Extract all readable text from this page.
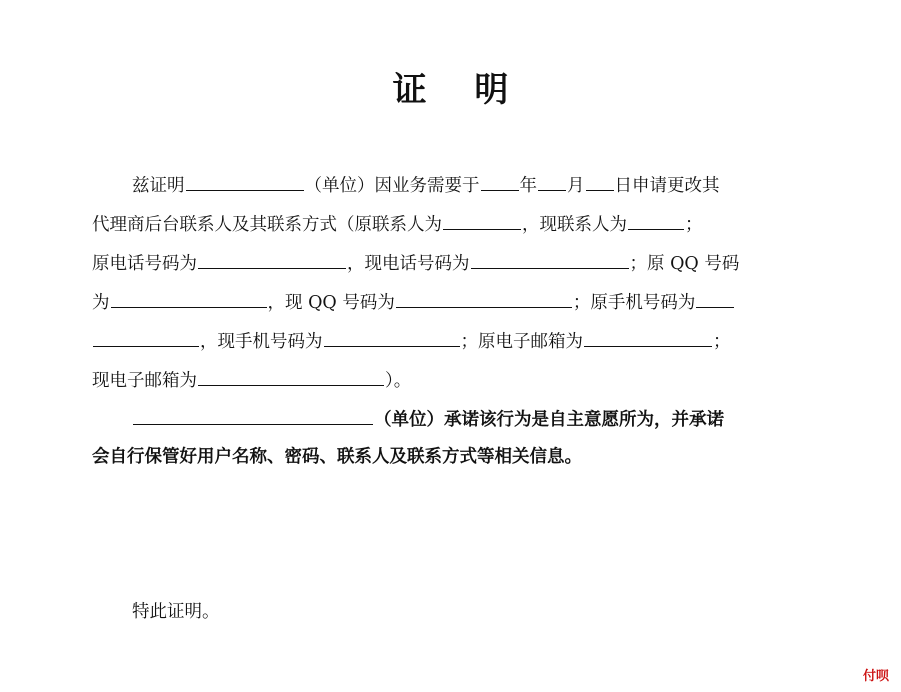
证 明
兹证明	（单位）因业务需要于 年 月 日申请更改其
代理商后台联系人及其联系方式（原联系人为	，现联系人为	；
原电话号码为	，现电话号码为	；原 QQ 号码
为	，现 QQ 号码为	；原手机号码为
，现手机号码为	；原电子邮箱为	；
现电子邮箱为	）。
（单位）承诺该行为是自主意愿所为，并承诺
会自行保管好用户名称、密码、联系人及联系方式等相关信息。
特此证明。
付呗
